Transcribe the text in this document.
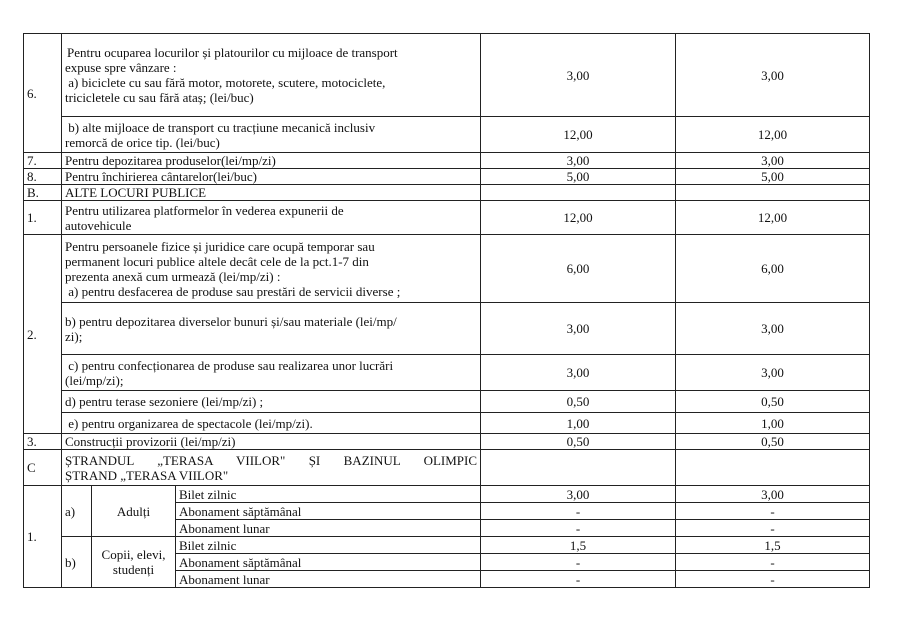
6.	Pentru ocuparea locurilor și platourilor cu mijloace de transport
expuse spre vânzare :
a) biciclete cu sau fără motor, motorete, scutere, motociclete,
tricicletele cu sau fără ataș; (lei/buc)			3,00	3,00

	b) alte mijloace de transport cu tracțiune mecanică inclusiv
remorcă de orice tip. (lei/buc)			12,00	12,00
7.	Pentru depozitarea produselor(lei/mp/zi)			3,00	3,00
8.	Pentru închirierea cântarelor(lei/buc)			5,00	5,00
B.	ALTE LOCURI PUBLICE				
1.	Pentru utilizarea platformelor în vederea expunerii de
autovehicule			12,00	12,00
2.	Pentru persoanele fizice și juridice care ocupă temporar sau
permanent locuri publice altele decât cele de la pct.1-7 din
prezenta anexă cum urmează (lei/mp/zi) :
a) pentru desfacerea de produse sau prestări de servicii diverse ;			6,00	6,00

	b) pentru depozitarea diverselor bunuri și/sau materiale (lei/mp/
zi);			3,00	3,00

	c) pentru confecționarea de produse sau realizarea unor lucrări
(lei/mp/zi);			3,00	3,00
	d) pentru terase sezoniere (lei/mp/zi) ;			0,50	0,50
	e) pentru organizarea de spectacole (lei/mp/zi).			1,00	1,00
3.	Construcții provizorii (lei/mp/zi)			0,50	0,50
C	ȘTRANDUL „TERASA VIILOR" ȘI BAZINUL OLIMPIC
ȘTRAND „TERASA VIILOR"				

1.	a)	Adulți	Bilet zilnic	3,00	3,00
			Abonament săptămânal	-	-
			Abonament lunar	-	-
	b)	Copii, elevi,
studenți	Bilet zilnic	1,5	1,5
			Abonament săptămânal	-	-
			Abonament lunar	-	-
